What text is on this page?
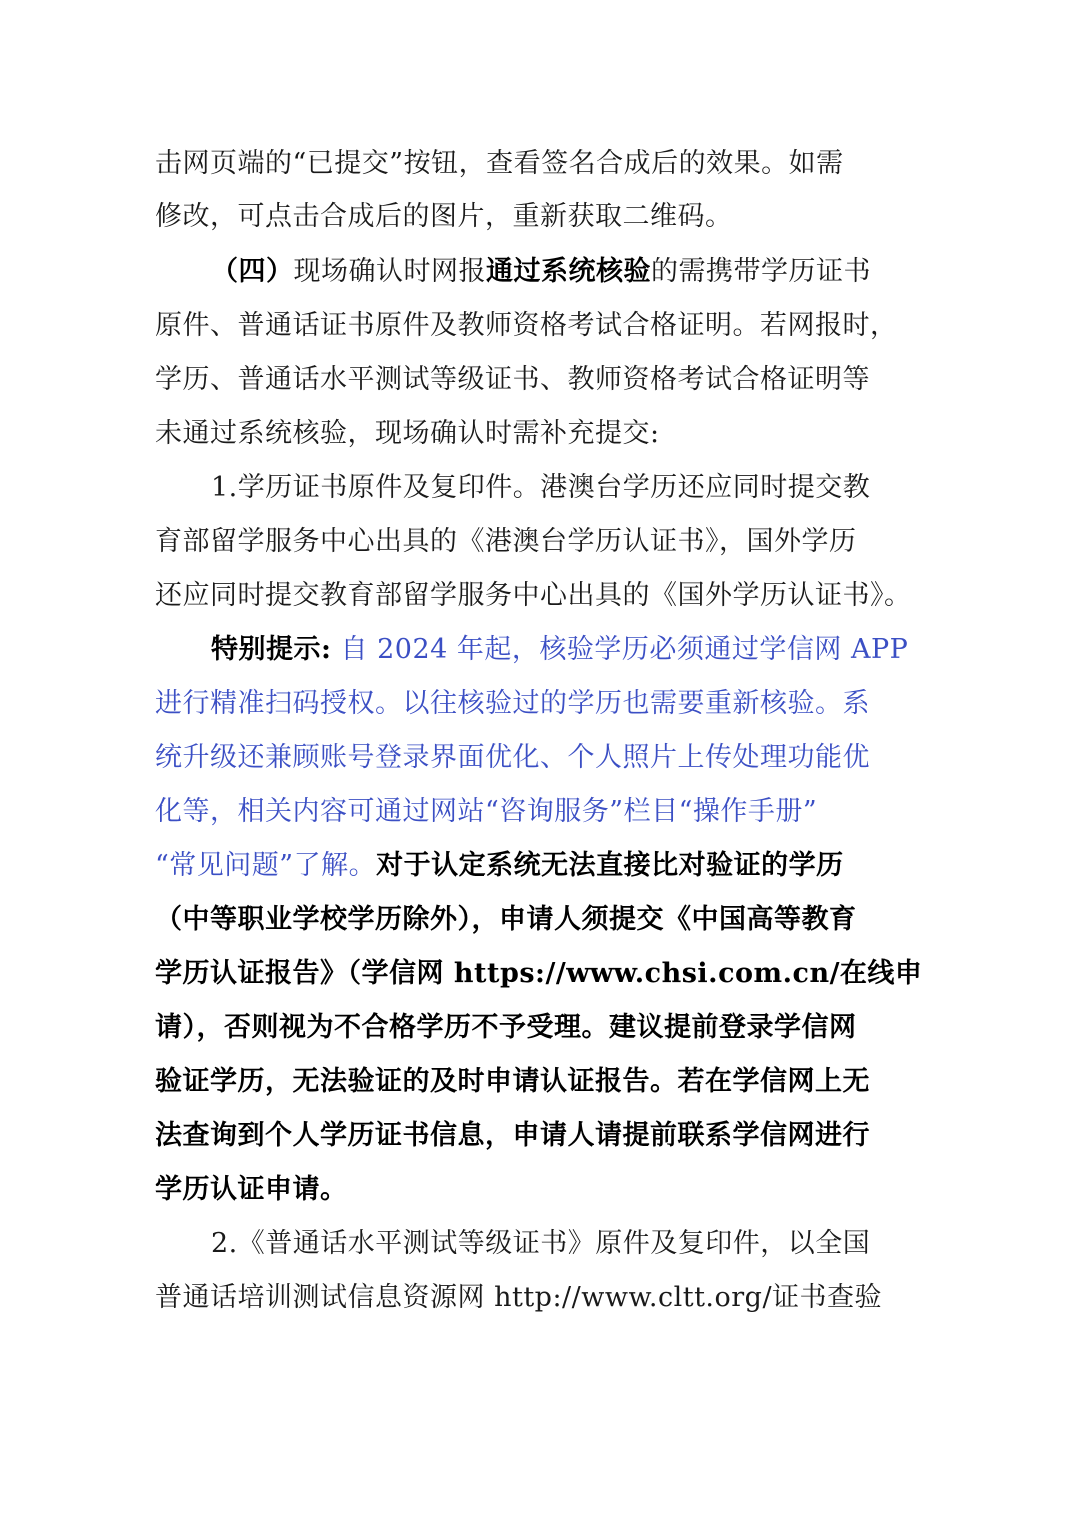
击网页端的“已提交”按钮，查看签名合成后的效果。如需
修改，可点击合成后的图片，重新获取二维码。
（四）现场确认时网报通过系统核验的需携带学历证书
原件、普通话证书原件及教师资格考试合格证明。若网报时，
学历、普通话水平测试等级证书、教师资格考试合格证明等
未通过系统核验，现场确认时需补充提交:
1.学历证书原件及复印件。港澳台学历还应同时提交教
育部留学服务中心出具的《港澳台学历认证书》，国外学历
还应同时提交教育部留学服务中心出具的《国外学历认证书》。
特别提示: 自 2024 年起，核验学历必须通过学信网 APP
进行精准扫码授权。以往核验过的学历也需要重新核验。系
统升级还兼顾账号登录界面优化、个人照片上传处理功能优
化等，相关内容可通过网站“咨询服务”栏目“操作手册”
“常见问题”了解。对于认定系统无法直接比对验证的学历
（中等职业学校学历除外），申请人须提交《中国高等教育
学历认证报告》（学信网 https://www.chsi.com.cn/在线申
请），否则视为不合格学历不予受理。建议提前登录学信网
验证学历，无法验证的及时申请认证报告。若在学信网上无
法查询到个人学历证书信息，申请人请提前联系学信网进行
学历认证申请。
2.《普通话水平测试等级证书》原件及复印件，以全国
普通话培训测试信息资源网 http://www.cltt.org/证书查验
